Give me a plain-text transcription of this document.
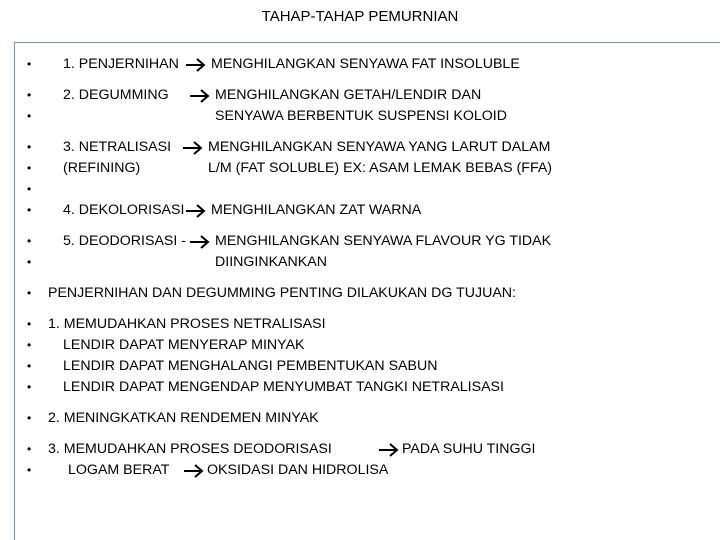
TAHAP-TAHAP PEMURNIAN
• 1. PENJERNIHAN MENGHILANGKAN SENYAWA FAT INSOLUBLE
• 2. DEGUMMING	MENGHILANGKAN GETAH/LENDIR DAN
•	SENYAWA BERBENTUK SUSPENSI KOLOID
• 3. NETRALISASI	MENGHILANGKAN SENYAWA YANG LARUT DALAM
• (REFINING)	L/M (FAT SOLUBLE) EX: ASAM LEMAK BEBAS (FFA)
•
• 4. DEKOLORISASI MENGHILANGKAN ZAT WARNA
• 5. DEODORISASI - MENGHILANGKAN SENYAWA FLAVOUR YG TIDAK
•	DIINGINKANKAN
• PENJERNIHAN DAN DEGUMMING PENTING DILAKUKAN DG TUJUAN:
• 1. MEMUDAHKAN PROSES NETRALISASI
• LENDIR DAPAT MENYERAP MINYAK
• LENDIR DAPAT MENGHALANGI PEMBENTUKAN SABUN
• LENDIR DAPAT MENGENDAP MENYUMBAT TANGKI NETRALISASI
• 2. MENINGKATKAN RENDEMEN MINYAK
• 3. MEMUDAHKAN PROSES DEODORISASI	PADA SUHU TINGGI
•	LOGAM BERAT	OKSIDASI DAN HIDROLISA
